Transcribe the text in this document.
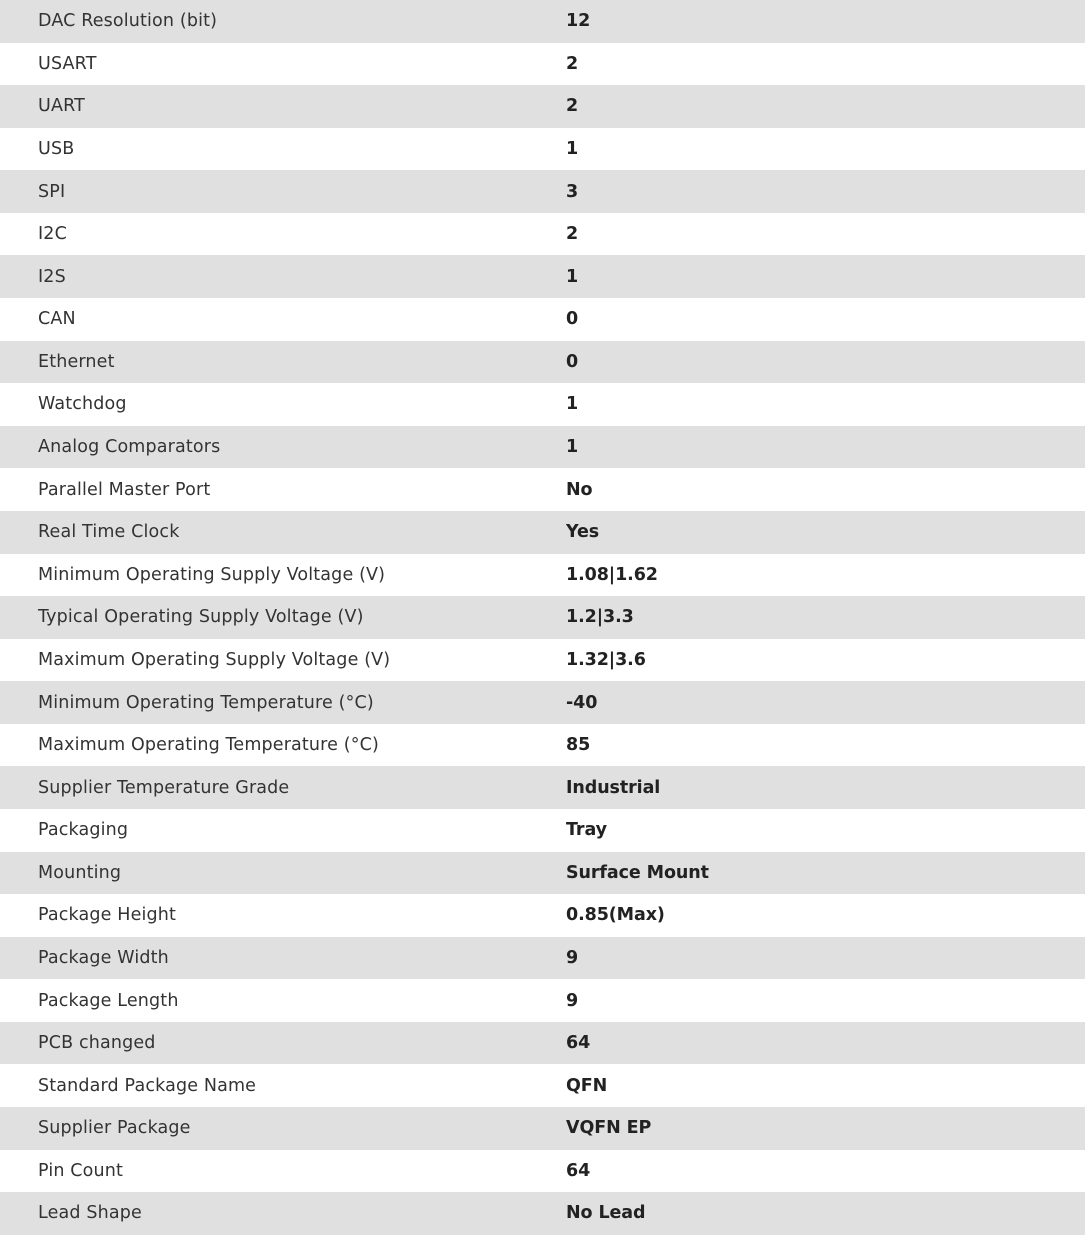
DAC Resolution (bit)	12
USART	2
UART	2
USB	1
SPI	3
I2C	2
I2S	1
CAN	0
Ethernet	0
Watchdog	1
Analog Comparators	1
Parallel Master Port	No
Real Time Clock	Yes
Minimum Operating Supply Voltage (V)	1.08|1.62
Typical Operating Supply Voltage (V)	1.2|3.3
Maximum Operating Supply Voltage (V)	1.32|3.6
Minimum Operating Temperature (°C)	-40
Maximum Operating Temperature (°C)	85
Supplier Temperature Grade	Industrial
Packaging	Tray
Mounting	Surface Mount
Package Height	0.85(Max)
Package Width	9
Package Length	9
PCB changed	64
Standard Package Name	QFN
Supplier Package	VQFN EP
Pin Count	64
Lead Shape	No Lead
